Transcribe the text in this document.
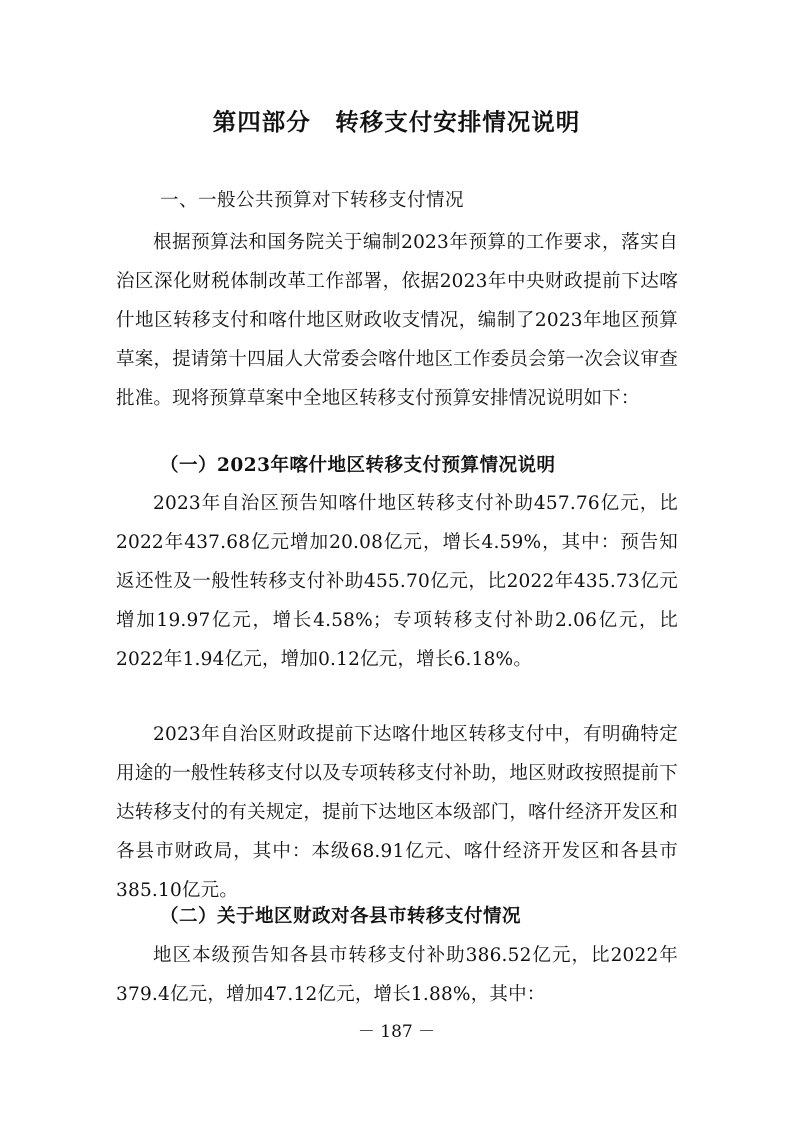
第四部分　转移支付安排情况说明
一、一般公共预算对下转移支付情况

根据预算法和国务院关于编制2023年预算的工作要求，落实自治区深化财税体制改革工作部署，依据2023年中央财政提前下达喀什地区转移支付和喀什地区财政收支情况，编制了2023年地区预算草案，提请第十四届人大常委会喀什地区工作委员会第一次会议审查批准。现将预算草案中全地区转移支付预算安排情况说明如下：

（一）2023年喀什地区转移支付预算情况说明

2023年自治区预告知喀什地区转移支付补助457.76亿元，比2022年437.68亿元增加20.08亿元，增长4.59%，其中：预告知返还性及一般性转移支付补助455.70亿元，比2022年435.73亿元增加19.97亿元，增长4.58%；专项转移支付补助2.06亿元，比2022年1.94亿元，增加0.12亿元，增长6.18%。

2023年自治区财政提前下达喀什地区转移支付中，有明确特定用途的一般性转移支付以及专项转移支付补助，地区财政按照提前下达转移支付的有关规定，提前下达地区本级部门，喀什经济开发区和各县市财政局，其中：本级68.91亿元、喀什经济开发区和各县市385.10亿元。

（二）关于地区财政对各县市转移支付情况

地区本级预告知各县市转移支付补助386.52亿元，比2022年379.4亿元，增加47.12亿元，增长1.88%，其中：

－ 187 －
